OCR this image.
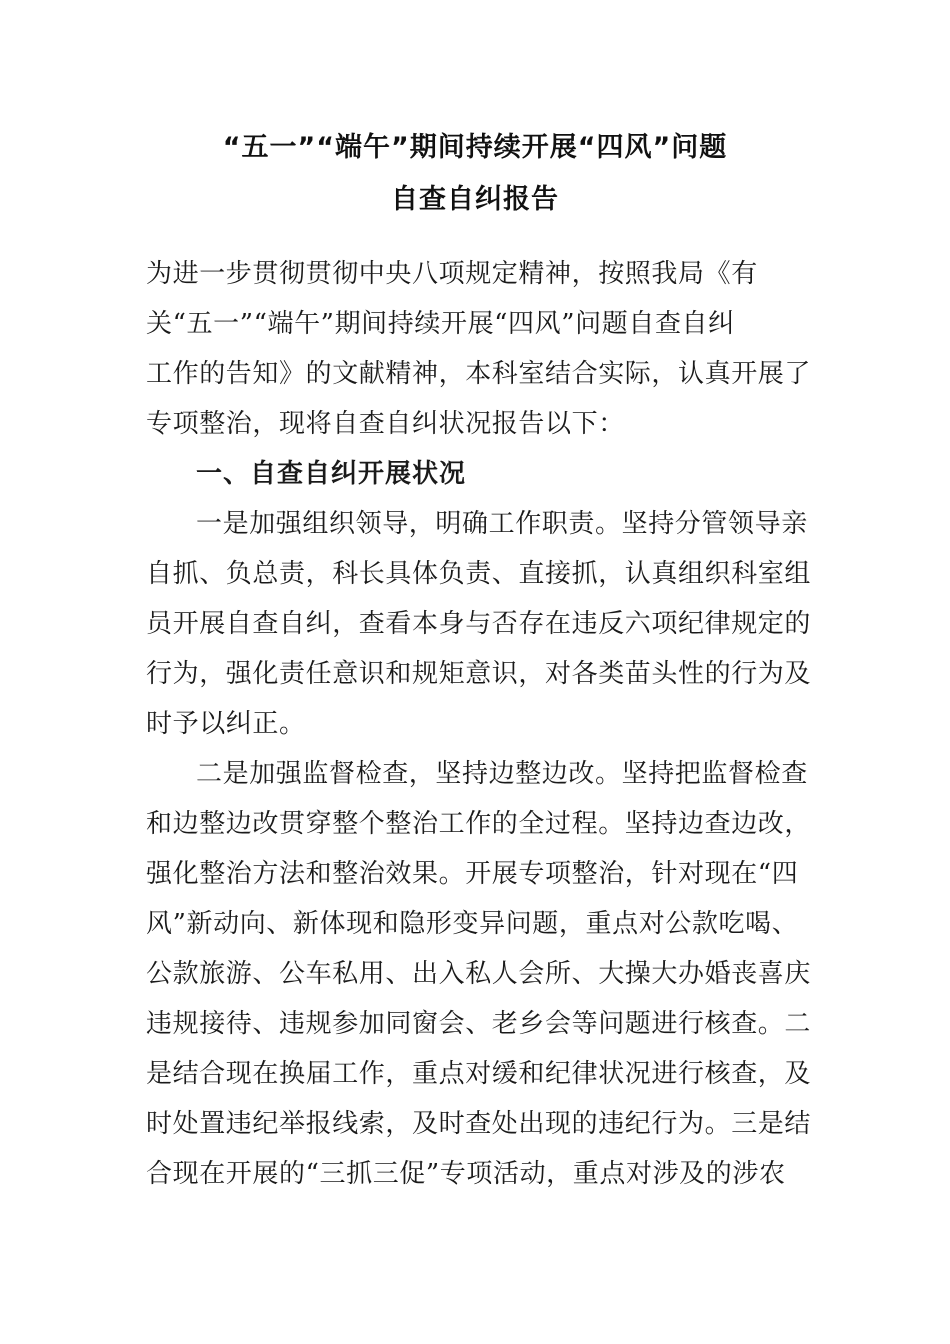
“五一”“端午”期间持续开展“四风”问题
自查自纠报告
为进一步贯彻贯彻中央八项规定精神，按照我局《有
关“五一”“端午”期间持续开展“四风”问题自查自纠
工作的告知》的文献精神，本科室结合实际，认真开展了
专项整治，现将自查自纠状况报告以下：
一、自查自纠开展状况
一是加强组织领导，明确工作职责。坚持分管领导亲
自抓、负总责，科长具体负责、直接抓，认真组织科室组
员开展自查自纠，查看本身与否存在违反六项纪律规定的
行为，强化责任意识和规矩意识，对各类苗头性的行为及
时予以纠正。
二是加强监督检查，坚持边整边改。坚持把监督检查
和边整边改贯穿整个整治工作的全过程。坚持边查边改，
强化整治方法和整治效果。开展专项整治，针对现在“四
风”新动向、新体现和隐形变异问题，重点对公款吃喝、
公款旅游、公车私用、出入私人会所、大操大办婚丧喜庆
违规接待、违规参加同窗会、老乡会等问题进行核查。二
是结合现在换届工作，重点对缓和纪律状况进行核查，及
时处置违纪举报线索，及时查处出现的违纪行为。三是结
合现在开展的“三抓三促”专项活动，重点对涉及的涉农
